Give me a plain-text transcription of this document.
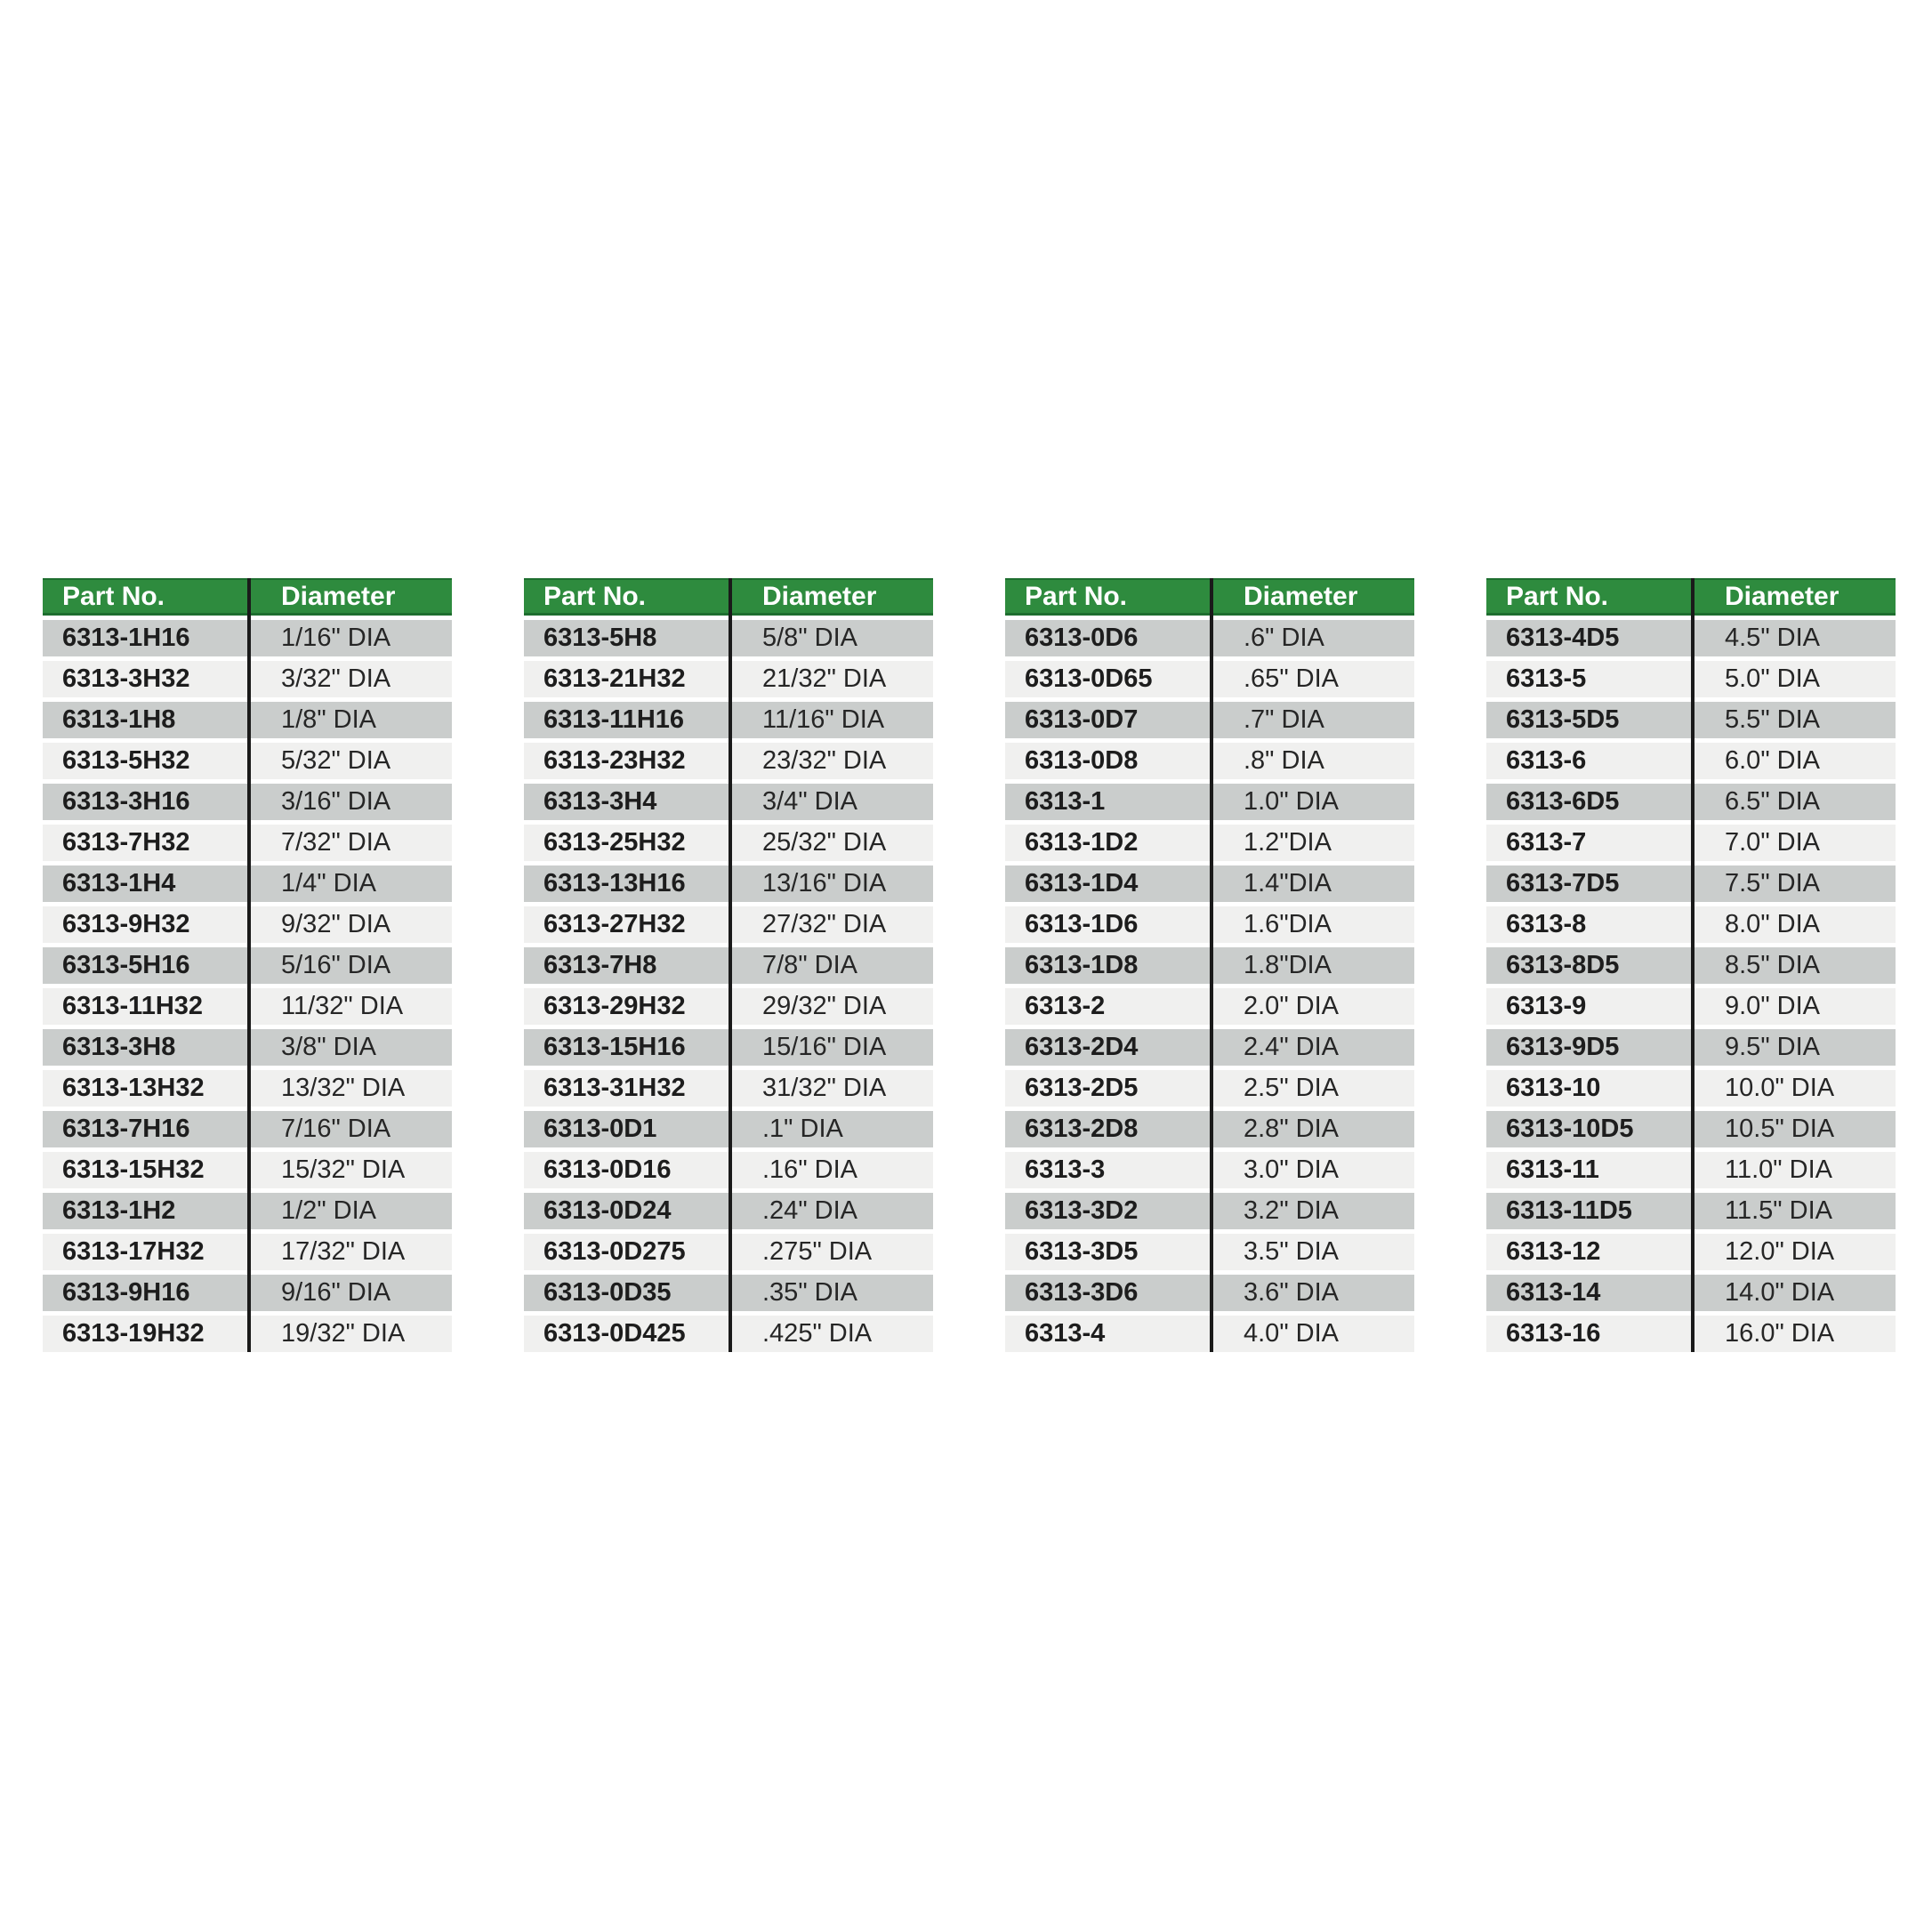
Part No.	Diameter
6313-1H16	1/16" DIA
6313-3H32	3/32" DIA
6313-1H8	1/8" DIA
6313-5H32	5/32" DIA
6313-3H16	3/16" DIA
6313-7H32	7/32" DIA
6313-1H4	1/4" DIA
6313-9H32	9/32" DIA
6313-5H16	5/16" DIA
6313-11H32	11/32" DIA
6313-3H8	3/8" DIA
6313-13H32	13/32" DIA
6313-7H16	7/16" DIA
6313-15H32	15/32" DIA
6313-1H2	1/2" DIA
6313-17H32	17/32" DIA
6313-9H16	9/16" DIA
6313-19H32	19/32" DIA
Part No.	Diameter
6313-5H8	5/8" DIA
6313-21H32	21/32" DIA
6313-11H16	11/16" DIA
6313-23H32	23/32" DIA
6313-3H4	3/4" DIA
6313-25H32	25/32" DIA
6313-13H16	13/16" DIA
6313-27H32	27/32" DIA
6313-7H8	7/8" DIA
6313-29H32	29/32" DIA
6313-15H16	15/16" DIA
6313-31H32	31/32" DIA
6313-0D1	.1" DIA
6313-0D16	.16" DIA
6313-0D24	.24" DIA
6313-0D275	.275" DIA
6313-0D35	.35" DIA
6313-0D425	.425" DIA
Part No.	Diameter
6313-0D6	.6" DIA
6313-0D65	.65" DIA
6313-0D7	.7" DIA
6313-0D8	.8" DIA
6313-1	1.0" DIA
6313-1D2	1.2"DIA
6313-1D4	1.4"DIA
6313-1D6	1.6"DIA
6313-1D8	1.8"DIA
6313-2	2.0" DIA
6313-2D4	2.4" DIA
6313-2D5	2.5" DIA
6313-2D8	2.8" DIA
6313-3	3.0" DIA
6313-3D2	3.2" DIA
6313-3D5	3.5" DIA
6313-3D6	3.6" DIA
6313-4	4.0" DIA
Part No.	Diameter
6313-4D5	4.5" DIA
6313-5	5.0" DIA
6313-5D5	5.5" DIA
6313-6	6.0" DIA
6313-6D5	6.5" DIA
6313-7	7.0" DIA
6313-7D5	7.5" DIA
6313-8	8.0" DIA
6313-8D5	8.5" DIA
6313-9	9.0" DIA
6313-9D5	9.5" DIA
6313-10	10.0" DIA
6313-10D5	10.5" DIA
6313-11	11.0" DIA
6313-11D5	11.5" DIA
6313-12	12.0" DIA
6313-14	14.0" DIA
6313-16	16.0" DIA
